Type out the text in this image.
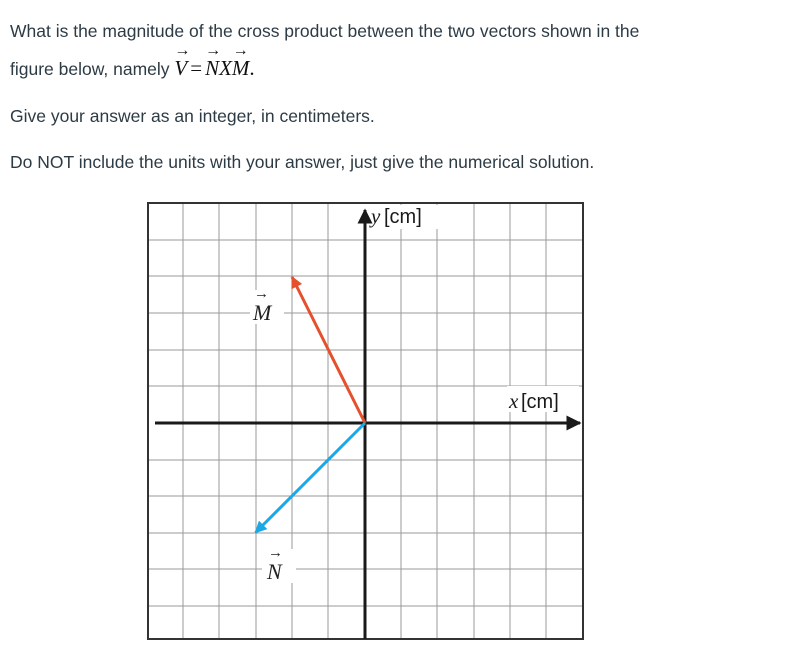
What is the magnitude of the cross product between the two vectors shown in the
figure below, namely
→
V =
→
NX
→
M.
Give your answer as an integer, in centimeters.
Do NOT include the units with your answer, just give the numerical solution.
▲ y [cm]
x [cm]
→
M
→
N
